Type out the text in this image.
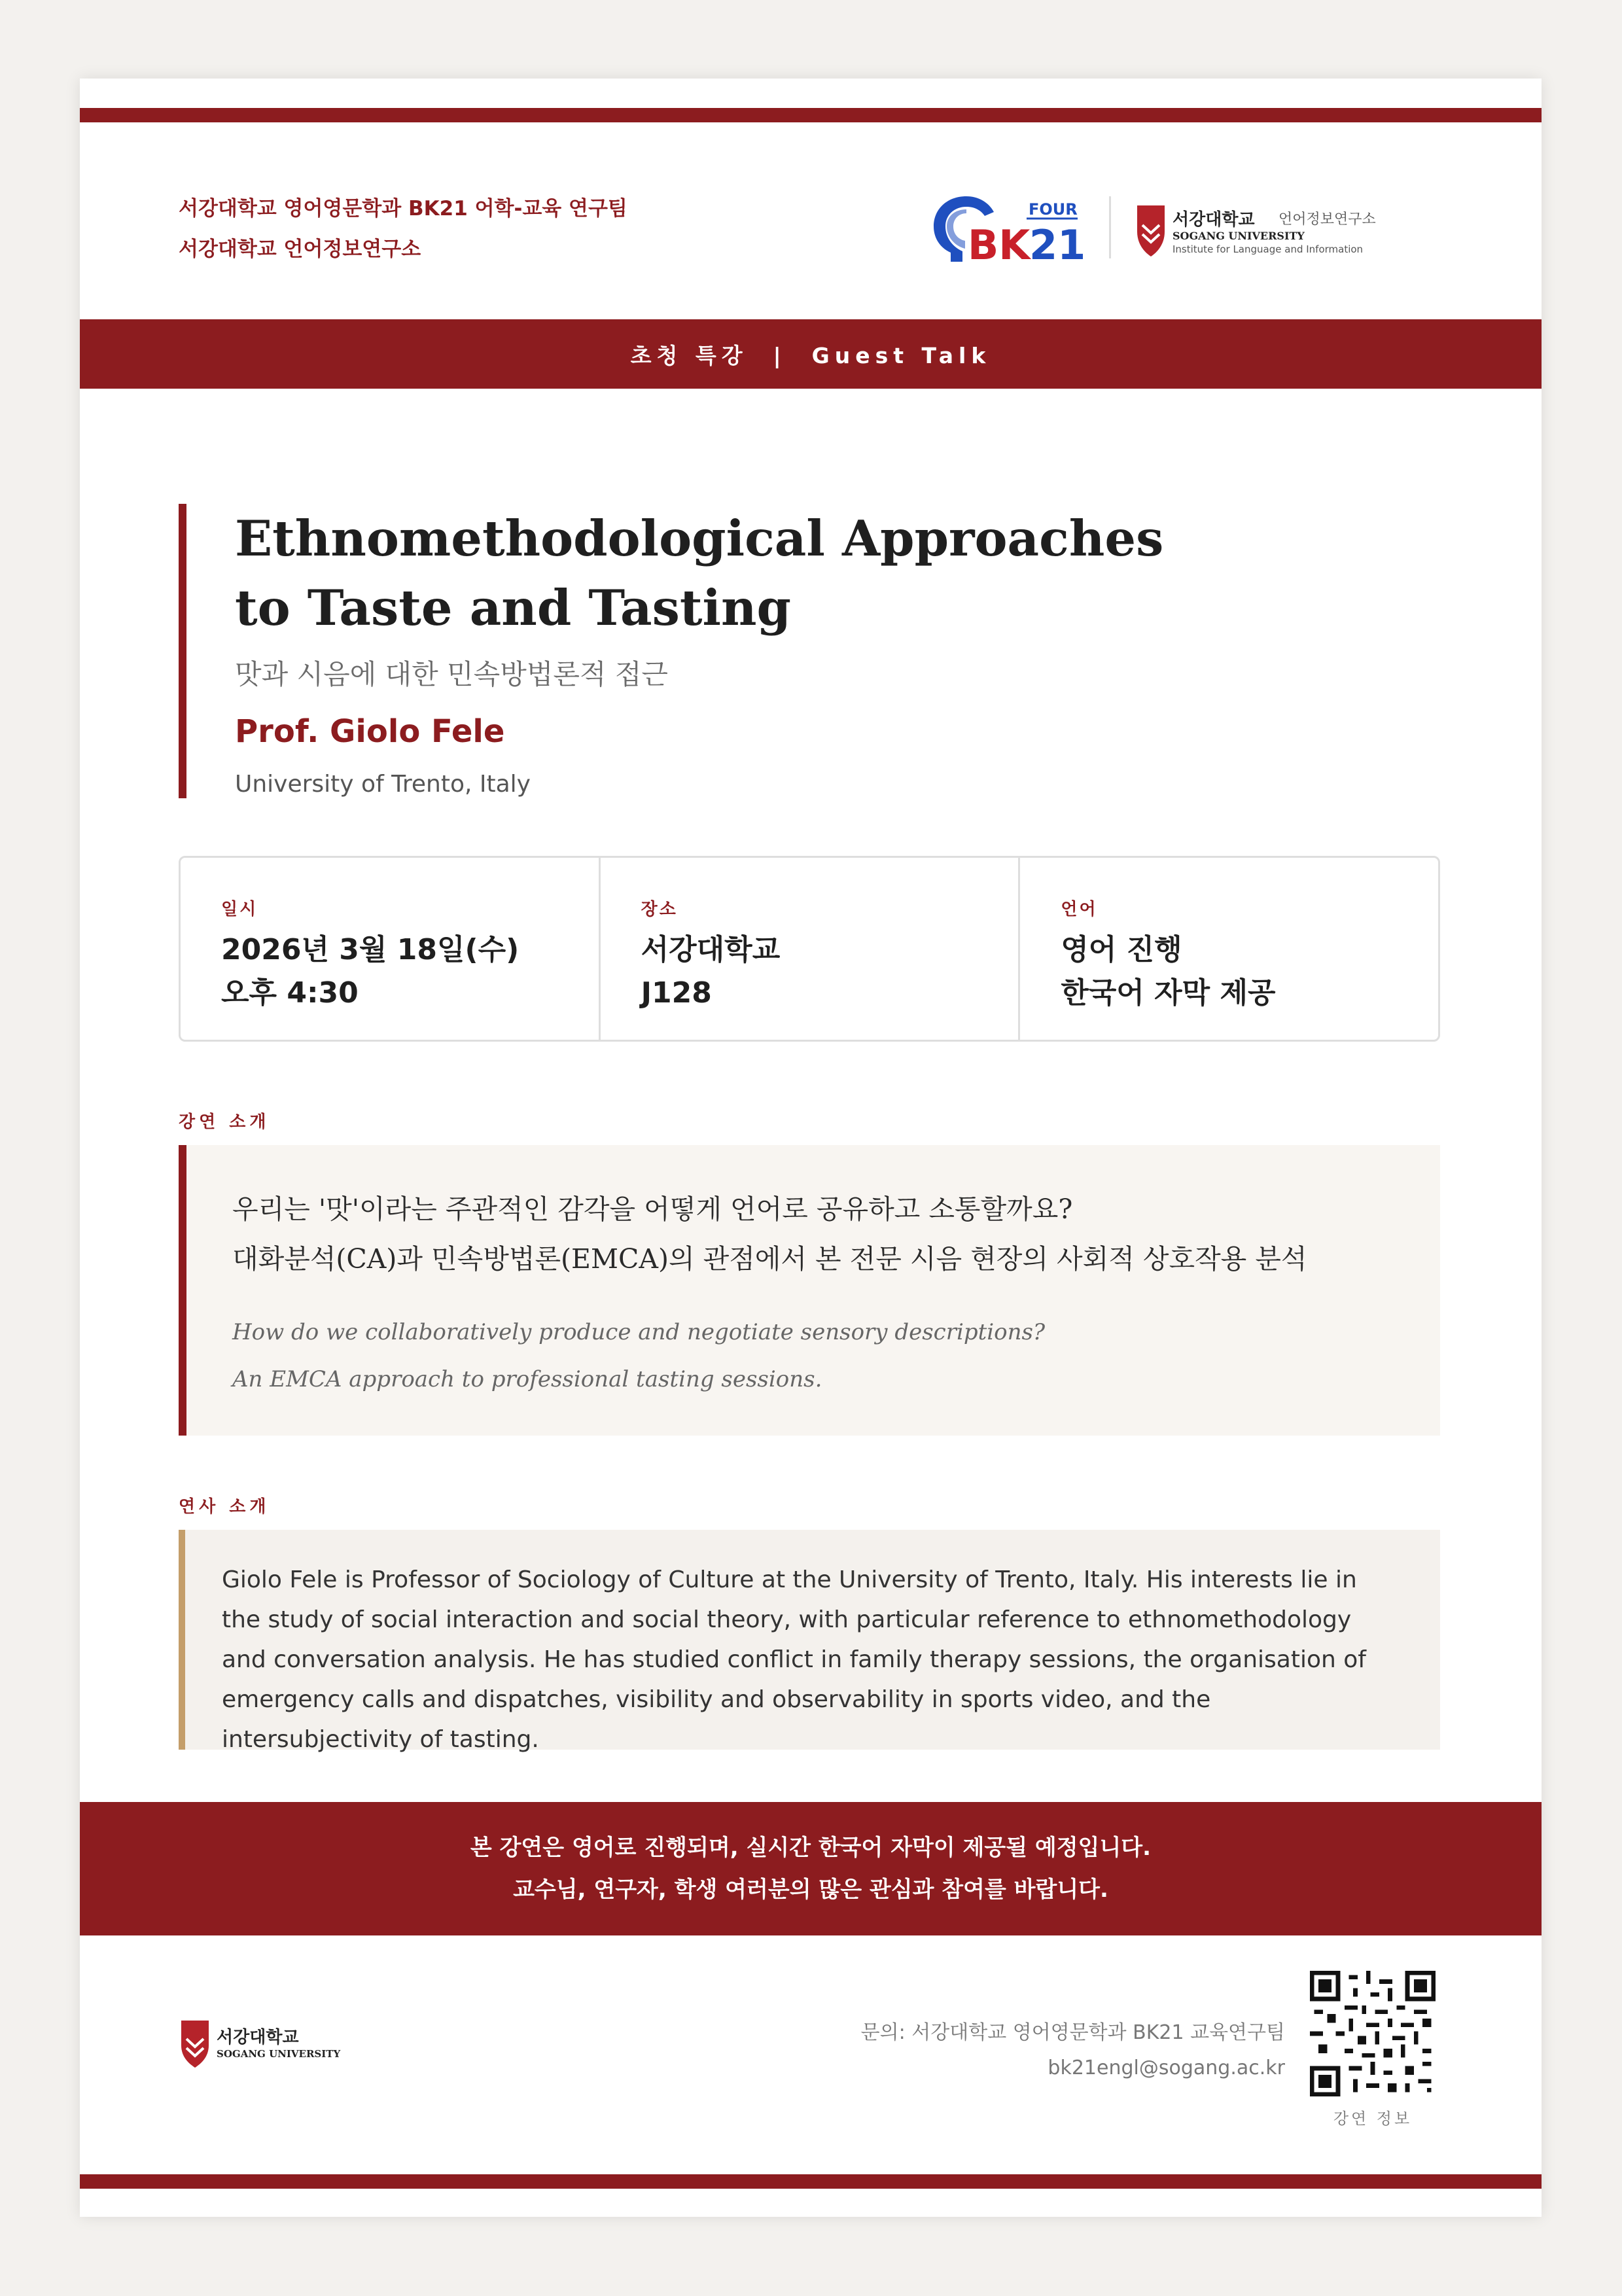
서강대학교 영어영문학과 BK21 어학-교육 연구팀
서강대학교 언어정보연구소
FOUR
BK
21
서강대학교 언어정보연구소
SOGANG UNIVERSITY
Institute for Language and Information
초청 특강  |  Guest Talk
Ethnomethodological Approaches
to Taste and Tasting
맛과 시음에 대한 민속방법론적 접근
Prof. Giolo Fele
University of Trento, Italy
일시
2026년 3월 18일(수)
오후 4:30
장소
서강대학교
J128
언어
영어 진행
한국어 자막 제공
강연 소개
우리는 '맛'이라는 주관적인 감각을 어떻게 언어로 공유하고 소통할까요?
대화분석(CA)과 민속방법론(EMCA)의 관점에서 본 전문 시음 현장의 사회적 상호작용 분석
How do we collaboratively produce and negotiate sensory descriptions?
An EMCA approach to professional tasting sessions.
연사 소개
Giolo Fele is Professor of Sociology of Culture at the University of Trento, Italy. His interests lie in the study of social interaction and social theory, with particular reference to ethnomethodology and conversation analysis. He has studied conflict in family therapy sessions, the organisation of emergency calls and dispatches, visibility and observability in sports video, and the intersubjectivity of tasting.
본 강연은 영어로 진행되며, 실시간 한국어 자막이 제공될 예정입니다.
교수님, 연구자, 학생 여러분의 많은 관심과 참여를 바랍니다.
서강대학교
SOGANG UNIVERSITY
문의: 서강대학교 영어영문학과 BK21 교육연구팀
bk21engl@sogang.ac.kr
강연 정보
